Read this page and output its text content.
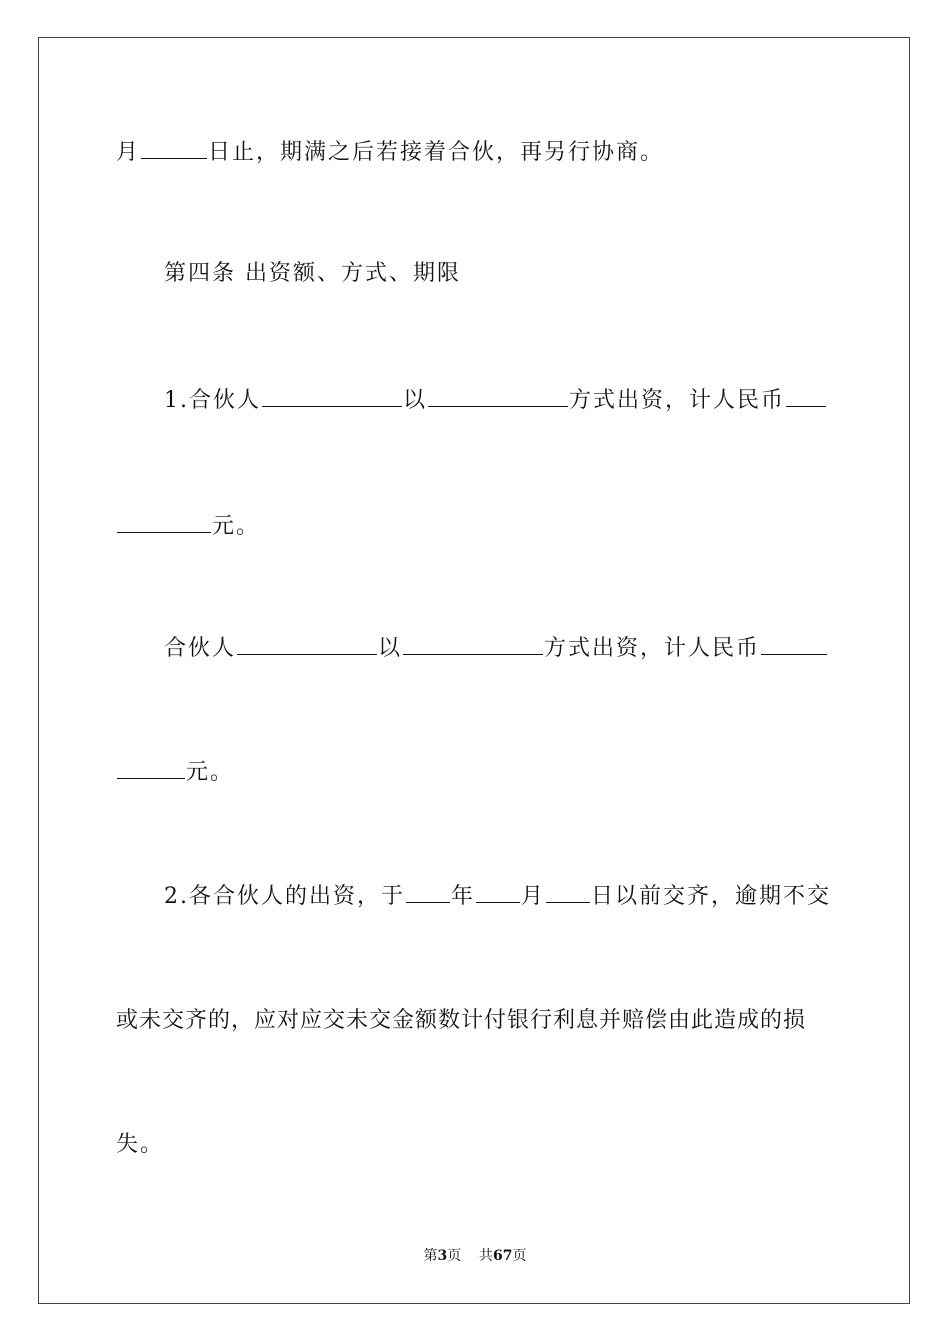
月	日止，期满之后若接着合伙，再另行协商。
第四条 出资额、方式、期限
1.合伙人	以	方式出资，计人民币
元。
合伙人	以	方式出资，计人民币
元。
2.各合伙人的出资，于 年 月 日以前交齐，逾期不交
或未交齐的，应对应交未交金额数计付银行利息并赔偿由此造成的损
失。
第3页 共67页
